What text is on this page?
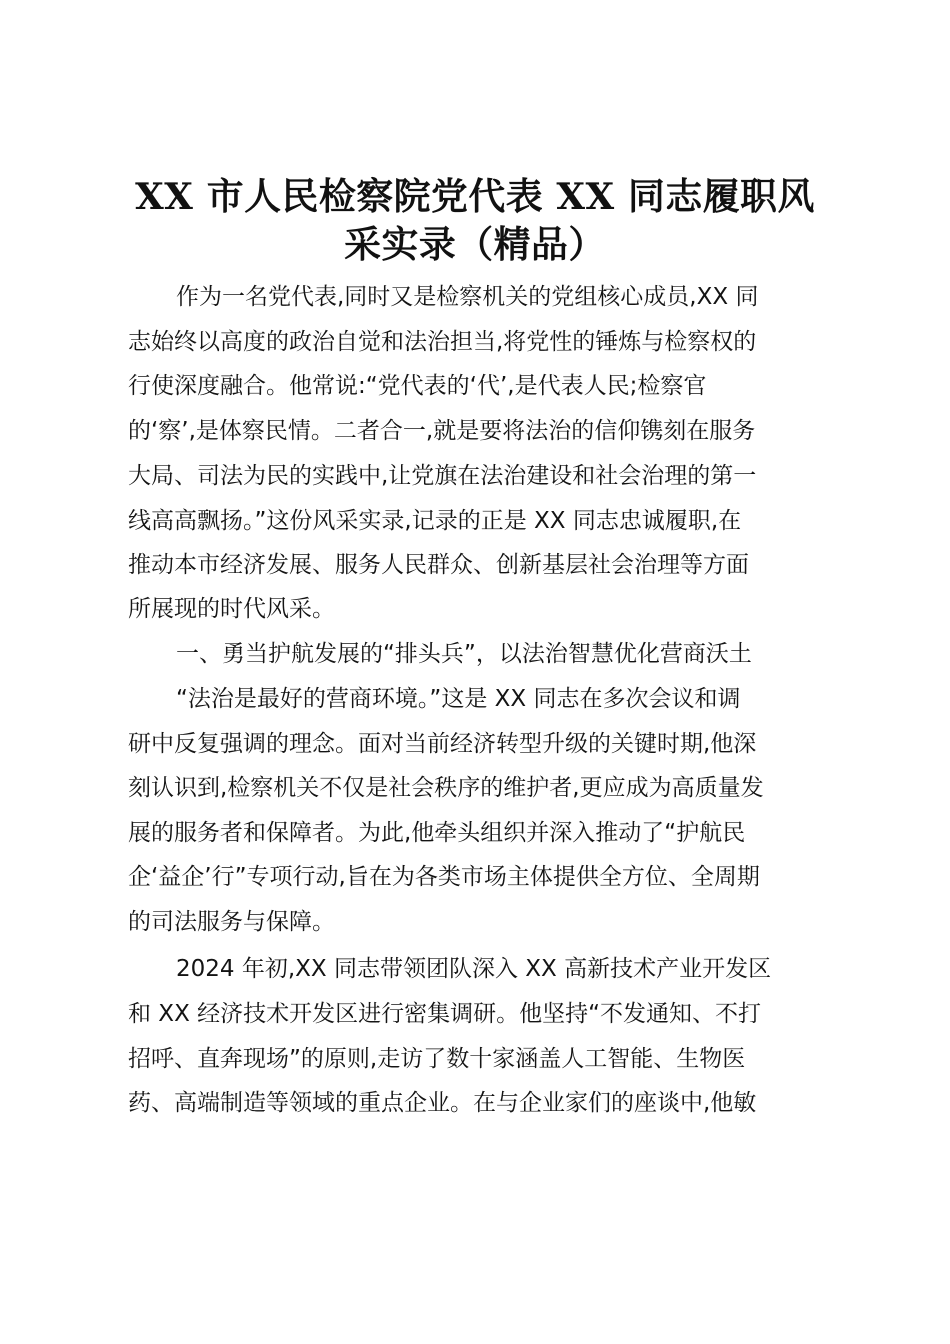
XX 市人民检察院党代表 XX 同志履职风
采实录（精品）

作为一名党代表,同时又是检察机关的党组核心成员,XX 同

志始终以高度的政治自觉和法治担当,将党性的锤炼与检察权的

行使深度融合。他常说:“党代表的‘代’,是代表人民;检察官

的‘察’,是体察民情。二者合一,就是要将法治的信仰镌刻在服务

大局、司法为民的实践中,让党旗在法治建设和社会治理的第一

线高高飘扬。”这份风采实录,记录的正是 XX 同志忠诚履职,在

推动本市经济发展、服务人民群众、创新基层社会治理等方面

所展现的时代风采。

一、勇当护航发展的“排头兵”，以法治智慧优化营商沃土

“法治是最好的营商环境。”这是 XX 同志在多次会议和调

研中反复强调的理念。面对当前经济转型升级的关键时期,他深

刻认识到,检察机关不仅是社会秩序的维护者,更应成为高质量发

展的服务者和保障者。为此,他牵头组织并深入推动了“护航民

企‘益企’行”专项行动,旨在为各类市场主体提供全方位、全周期

的司法服务与保障。

2024 年初,XX 同志带领团队深入 XX 高新技术产业开发区

和 XX 经济技术开发区进行密集调研。他坚持“不发通知、不打

招呼、直奔现场”的原则,走访了数十家涵盖人工智能、生物医

药、高端制造等领域的重点企业。在与企业家们的座谈中,他敏
